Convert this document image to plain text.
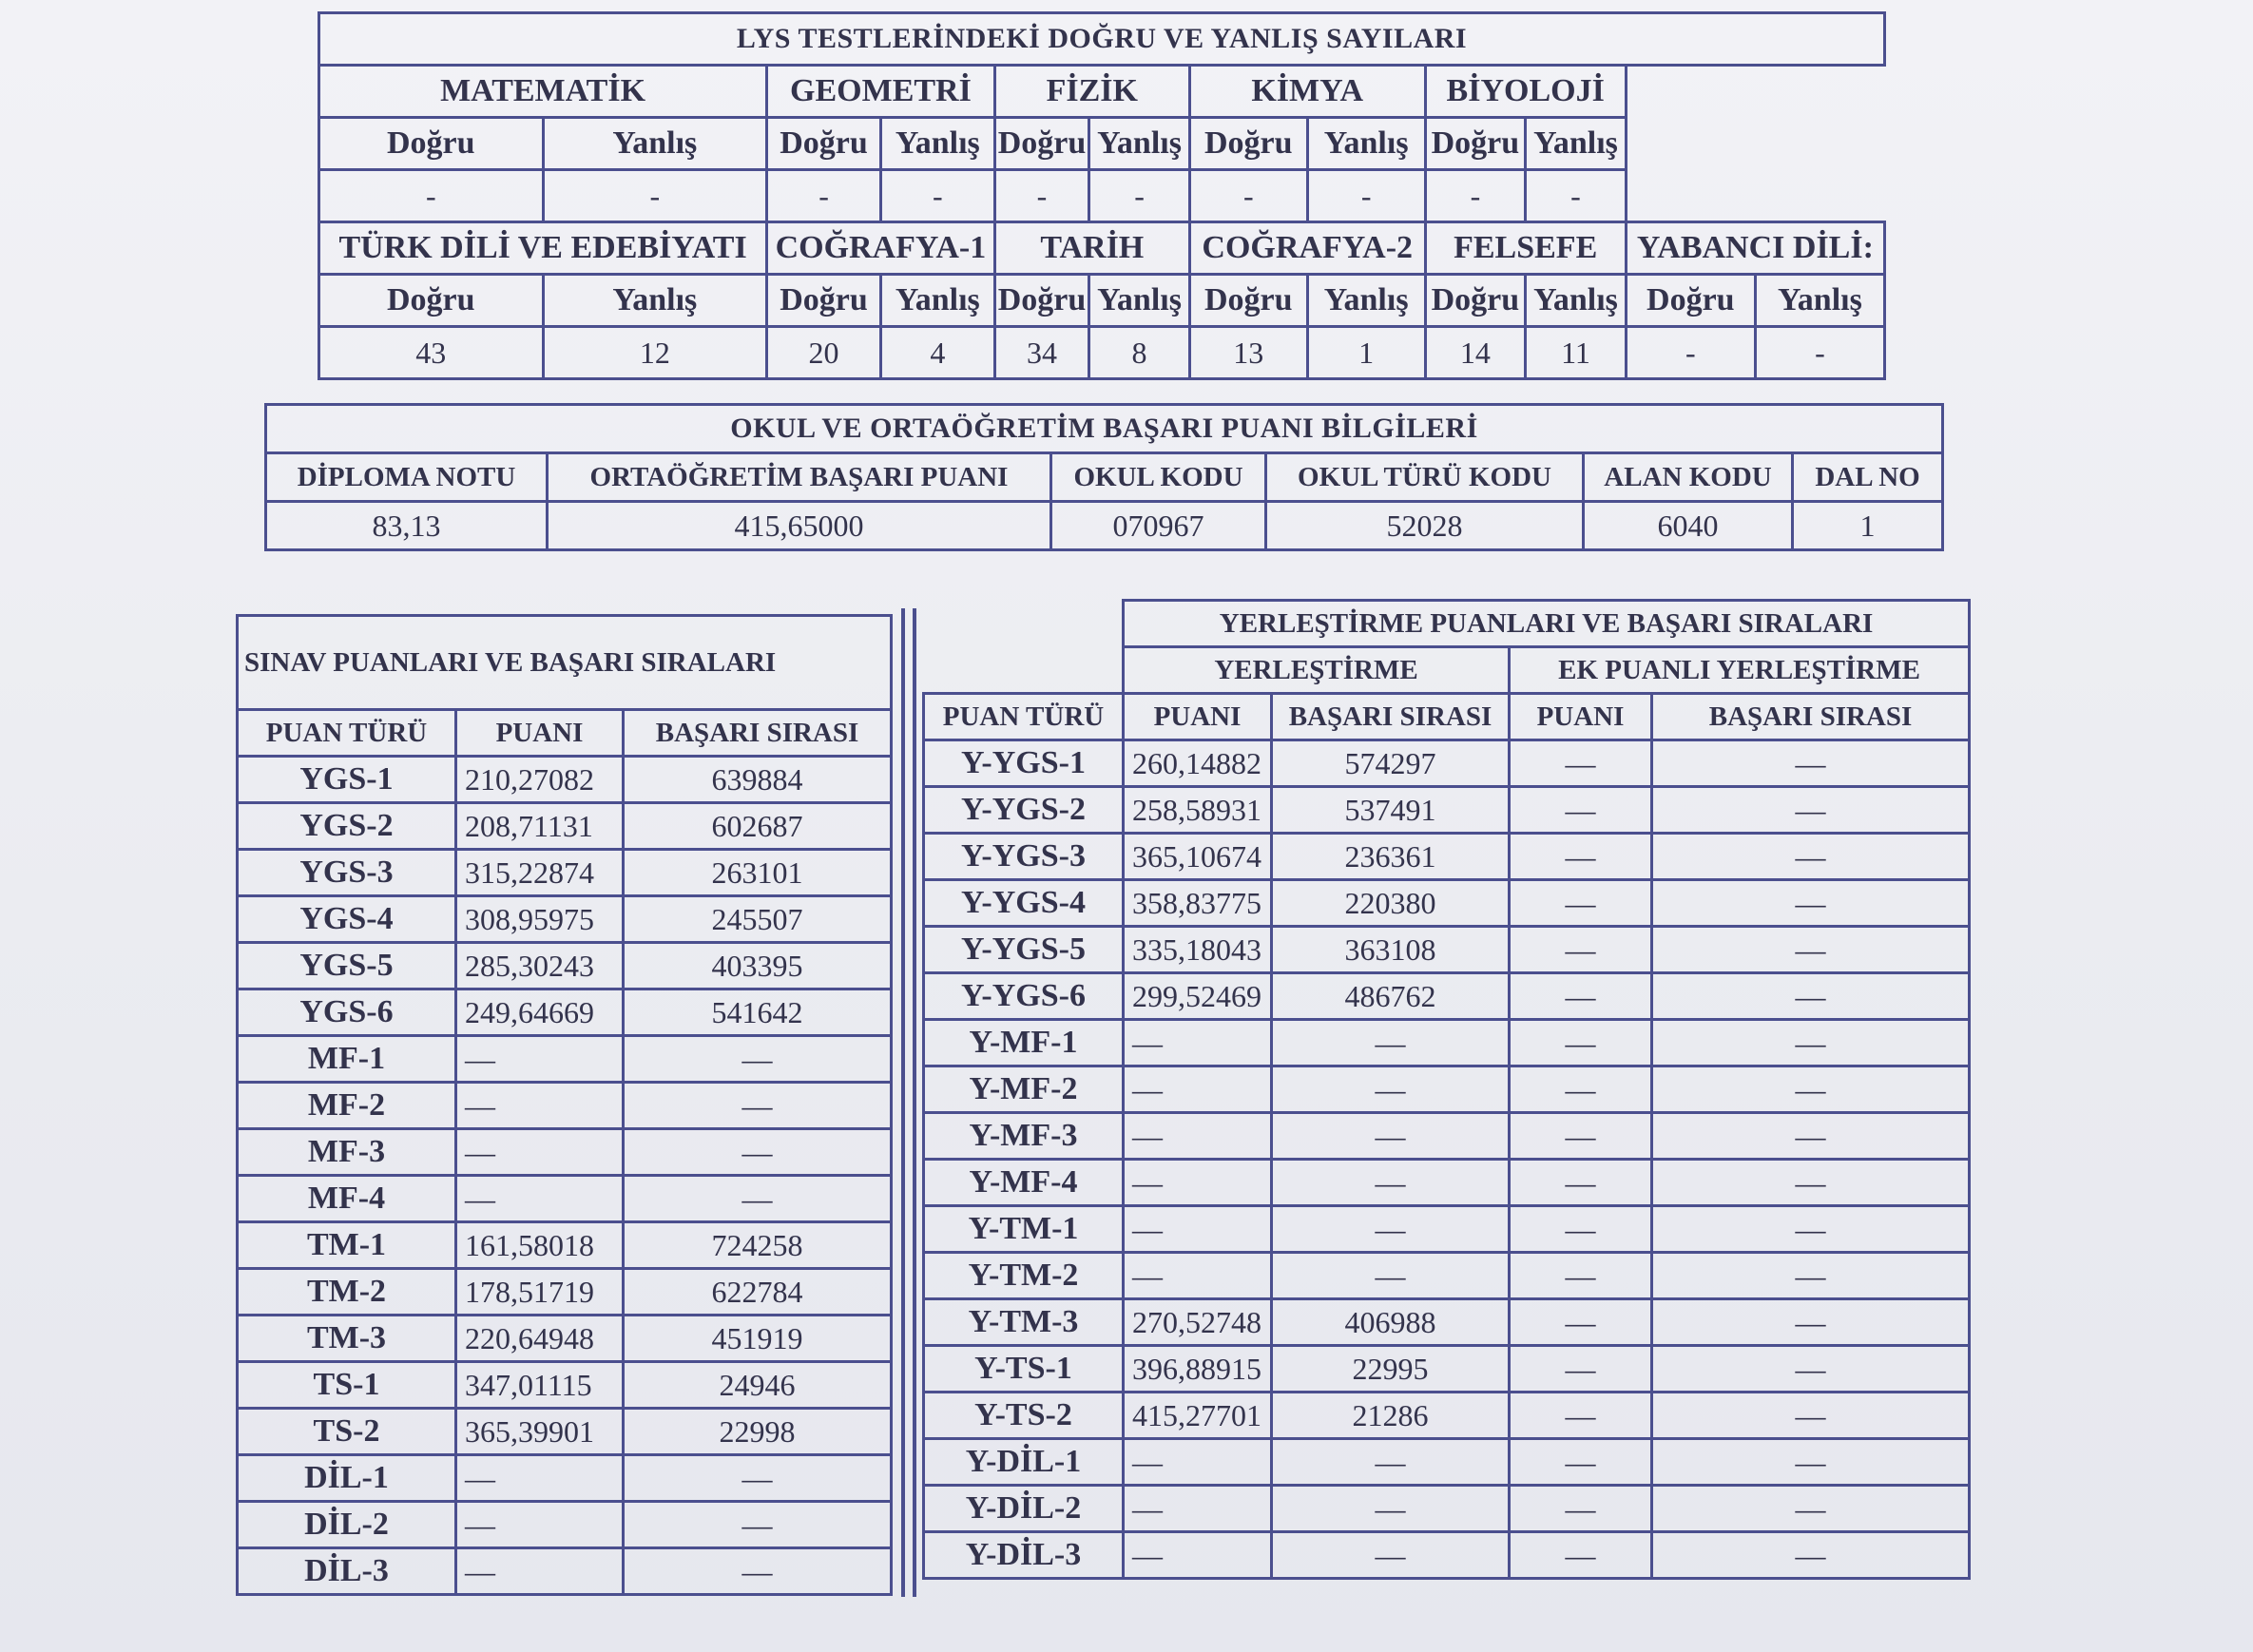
LYS TESTLERİNDEKİ DOĞRU VE YANLIŞ SAYILARI											
MATEMATİK		GEOMETRİ		FİZİK		KİMYA		BİYOLOJİ			
Doğru	Yanlış	Doğru	Yanlış	Doğru	Yanlış	Doğru	Yanlış	Doğru	Yanlış		
-	-	-	-	-	-	-	-	-	-		
TÜRK DİLİ VE EDEBİYATI		COĞRAFYA-1		TARİH		COĞRAFYA-2		FELSEFE		YABANCI DİLİ:	
Doğru	Yanlış	Doğru	Yanlış	Doğru	Yanlış	Doğru	Yanlış	Doğru	Yanlış	Doğru	Yanlış
43	12	20	4	34	8	13	1	14	11	-	-
OKUL VE ORTAÖĞRETİM BAŞARI PUANI BİLGİLERİ					
DİPLOMA NOTU	ORTAÖĞRETİM BAŞARI PUANI	OKUL KODU	OKUL TÜRÜ KODU	ALAN KODU	DAL NO
83,13	415,65000	070967	52028	6040	1
SINAV PUANLARI VE BAŞARI SIRALARI		
PUAN TÜRÜ	PUANI	BAŞARI SIRASI
YGS-1	210,27082	639884
YGS-2	208,71131	602687
YGS-3	315,22874	263101
YGS-4	308,95975	245507
YGS-5	285,30243	403395
YGS-6	249,64669	541642
MF-1	—	—
MF-2	—	—
MF-3	—	—
MF-4	—	—
TM-1	161,58018	724258
TM-2	178,51719	622784
TM-3	220,64948	451919
TS-1	347,01115	24946
TS-2	365,39901	22998
DİL-1	—	—
DİL-2	—	—
DİL-3	—	—
	YERLEŞTİRME PUANLARI VE BAŞARI SIRALARI			
	YERLEŞTİRME		EK PUANLI YERLEŞTİRME	
PUAN TÜRÜ	PUANI	BAŞARI SIRASI	PUANI	BAŞARI SIRASI
Y-YGS-1	260,14882	574297	—	—
Y-YGS-2	258,58931	537491	—	—
Y-YGS-3	365,10674	236361	—	—
Y-YGS-4	358,83775	220380	—	—
Y-YGS-5	335,18043	363108	—	—
Y-YGS-6	299,52469	486762	—	—
Y-MF-1	—	—	—	—
Y-MF-2	—	—	—	—
Y-MF-3	—	—	—	—
Y-MF-4	—	—	—	—
Y-TM-1	—	—	—	—
Y-TM-2	—	—	—	—
Y-TM-3	270,52748	406988	—	—
Y-TS-1	396,88915	22995	—	—
Y-TS-2	415,27701	21286	—	—
Y-DİL-1	—	—	—	—
Y-DİL-2	—	—	—	—
Y-DİL-3	—	—	—	—
